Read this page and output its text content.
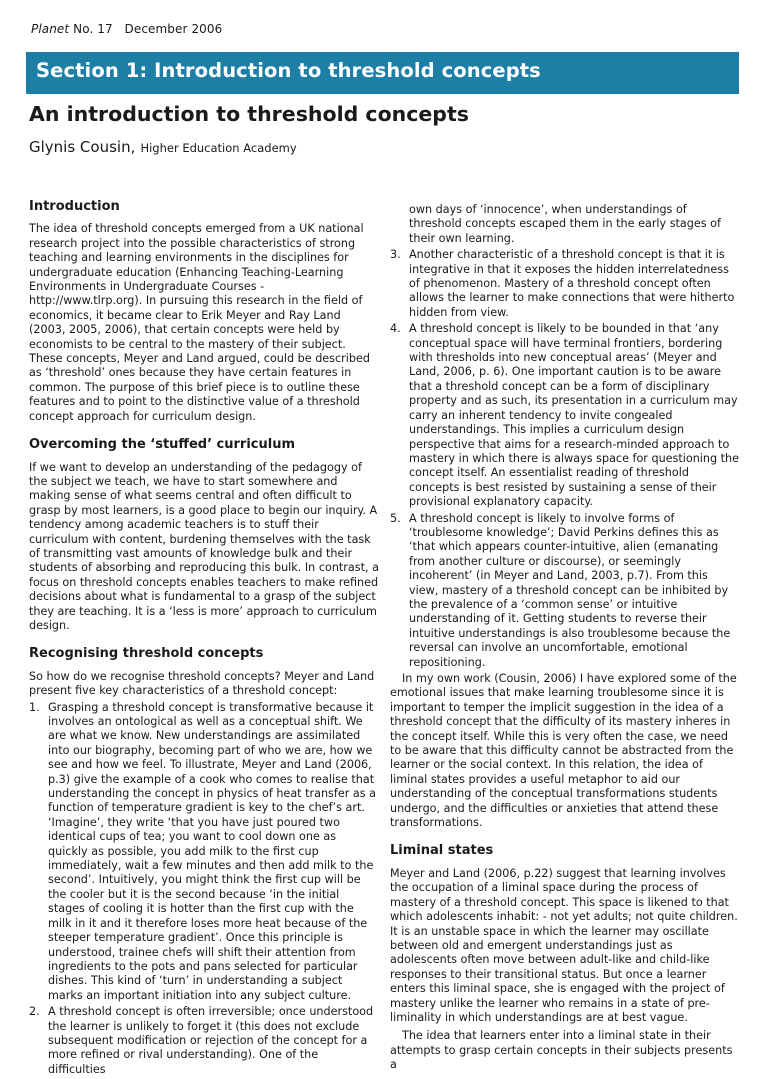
Planet No. 17 December 2006
Section 1: Introduction to threshold concepts
An introduction to threshold concepts
Glynis Cousin, Higher Education Academy
Introduction

The idea of threshold concepts emerged from a UK national research project into the possible characteristics of strong teaching and learning environments in the disciplines for undergraduate education (Enhancing Teaching-Learning Environments in Undergraduate Courses - http://www.tlrp.org). In pursuing this research in the field of economics, it became clear to Erik Meyer and Ray Land (2003, 2005, 2006), that certain concepts were held by economists to be central to the mastery of their subject. These concepts, Meyer and Land argued, could be described as ‘threshold’ ones because they have certain features in common. The purpose of this brief piece is to outline these features and to point to the distinctive value of a threshold concept approach for curriculum design.

Overcoming the ‘stuffed’ curriculum

If we want to develop an understanding of the pedagogy of the subject we teach, we have to start somewhere and making sense of what seems central and often difficult to grasp by most learners, is a good place to begin our inquiry. A tendency among academic teachers is to stuff their curriculum with content, burdening themselves with the task of transmitting vast amounts of knowledge bulk and their students of absorbing and reproducing this bulk. In contrast, a focus on threshold concepts enables teachers to make refined decisions about what is fundamental to a grasp of the subject they are teaching. It is a ‘less is more’ approach to curriculum design.

Recognising threshold concepts

So how do we recognise threshold concepts? Meyer and Land present five key characteristics of a threshold concept:

1. Grasping a threshold concept is transformative because it involves an ontological as well as a conceptual shift. We are what we know. New understandings are assimilated into our biography, becoming part of who we are, how we see and how we feel. To illustrate, Meyer and Land (2006, p.3) give the example of a cook who comes to realise that understanding the concept in physics of heat transfer as a function of temperature gradient is key to the chef’s art. ‘Imagine’, they write ‘that you have just poured two identical cups of tea; you want to cool down one as quickly as possible, you add milk to the first cup immediately, wait a few minutes and then add milk to the second’. Intuitively, you might think the first cup will be the cooler but it is the second because ‘in the initial stages of cooling it is hotter than the first cup with the milk in it and it therefore loses more heat because of the steeper temperature gradient’. Once this principle is understood, trainee chefs will shift their attention from ingredients to the pots and pans selected for particular dishes. This kind of ‘turn’ in understanding a subject marks an important initiation into any subject culture.
2. A threshold concept is often irreversible; once understood the learner is unlikely to forget it (this does not exclude subsequent modification or rejection of the concept for a more refined or rival understanding). One of the difficulties

own days of ‘innocence’, when understandings of threshold concepts escaped them in the early stages of their own learning.

3. Another characteristic of a threshold concept is that it is integrative in that it exposes the hidden interrelatedness of phenomenon. Mastery of a threshold concept often allows the learner to make connections that were hitherto hidden from view.
4. A threshold concept is likely to be bounded in that ‘any conceptual space will have terminal frontiers, bordering with thresholds into new conceptual areas’ (Meyer and Land, 2006, p. 6). One important caution is to be aware that a threshold concept can be a form of disciplinary property and as such, its presentation in a curriculum may carry an inherent tendency to invite congealed understandings. This implies a curriculum design perspective that aims for a research-minded approach to mastery in which there is always space for questioning the concept itself. An essentialist reading of threshold concepts is best resisted by sustaining a sense of their provisional explanatory capacity.
5. A threshold concept is likely to involve forms of ‘troublesome knowledge’; David Perkins defines this as ‘that which appears counter-intuitive, alien (emanating from another culture or discourse), or seemingly incoherent’ (in Meyer and Land, 2003, p.7). From this view, mastery of a threshold concept can be inhibited by the prevalence of a ‘common sense’ or intuitive understanding of it. Getting students to reverse their intuitive understandings is also troublesome because the reversal can involve an uncomfortable, emotional repositioning.

In my own work (Cousin, 2006) I have explored some of the emotional issues that make learning troublesome since it is important to temper the implicit suggestion in the idea of a threshold concept that the difficulty of its mastery inheres in the concept itself. While this is very often the case, we need to be aware that this difficulty cannot be abstracted from the learner or the social context. In this relation, the idea of liminal states provides a useful metaphor to aid our understanding of the conceptual transformations students undergo, and the difficulties or anxieties that attend these transformations.

Liminal states

Meyer and Land (2006, p.22) suggest that learning involves the occupation of a liminal space during the process of mastery of a threshold concept. This space is likened to that which adolescents inhabit: - not yet adults; not quite children. It is an unstable space in which the learner may oscillate between old and emergent understandings just as adolescents often move between adult-like and child-like responses to their transitional status. But once a learner enters this liminal space, she is engaged with the project of mastery unlike the learner who remains in a state of pre-liminality in which understandings are at best vague.

The idea that learners enter into a liminal state in their attempts to grasp certain concepts in their subjects presents a
